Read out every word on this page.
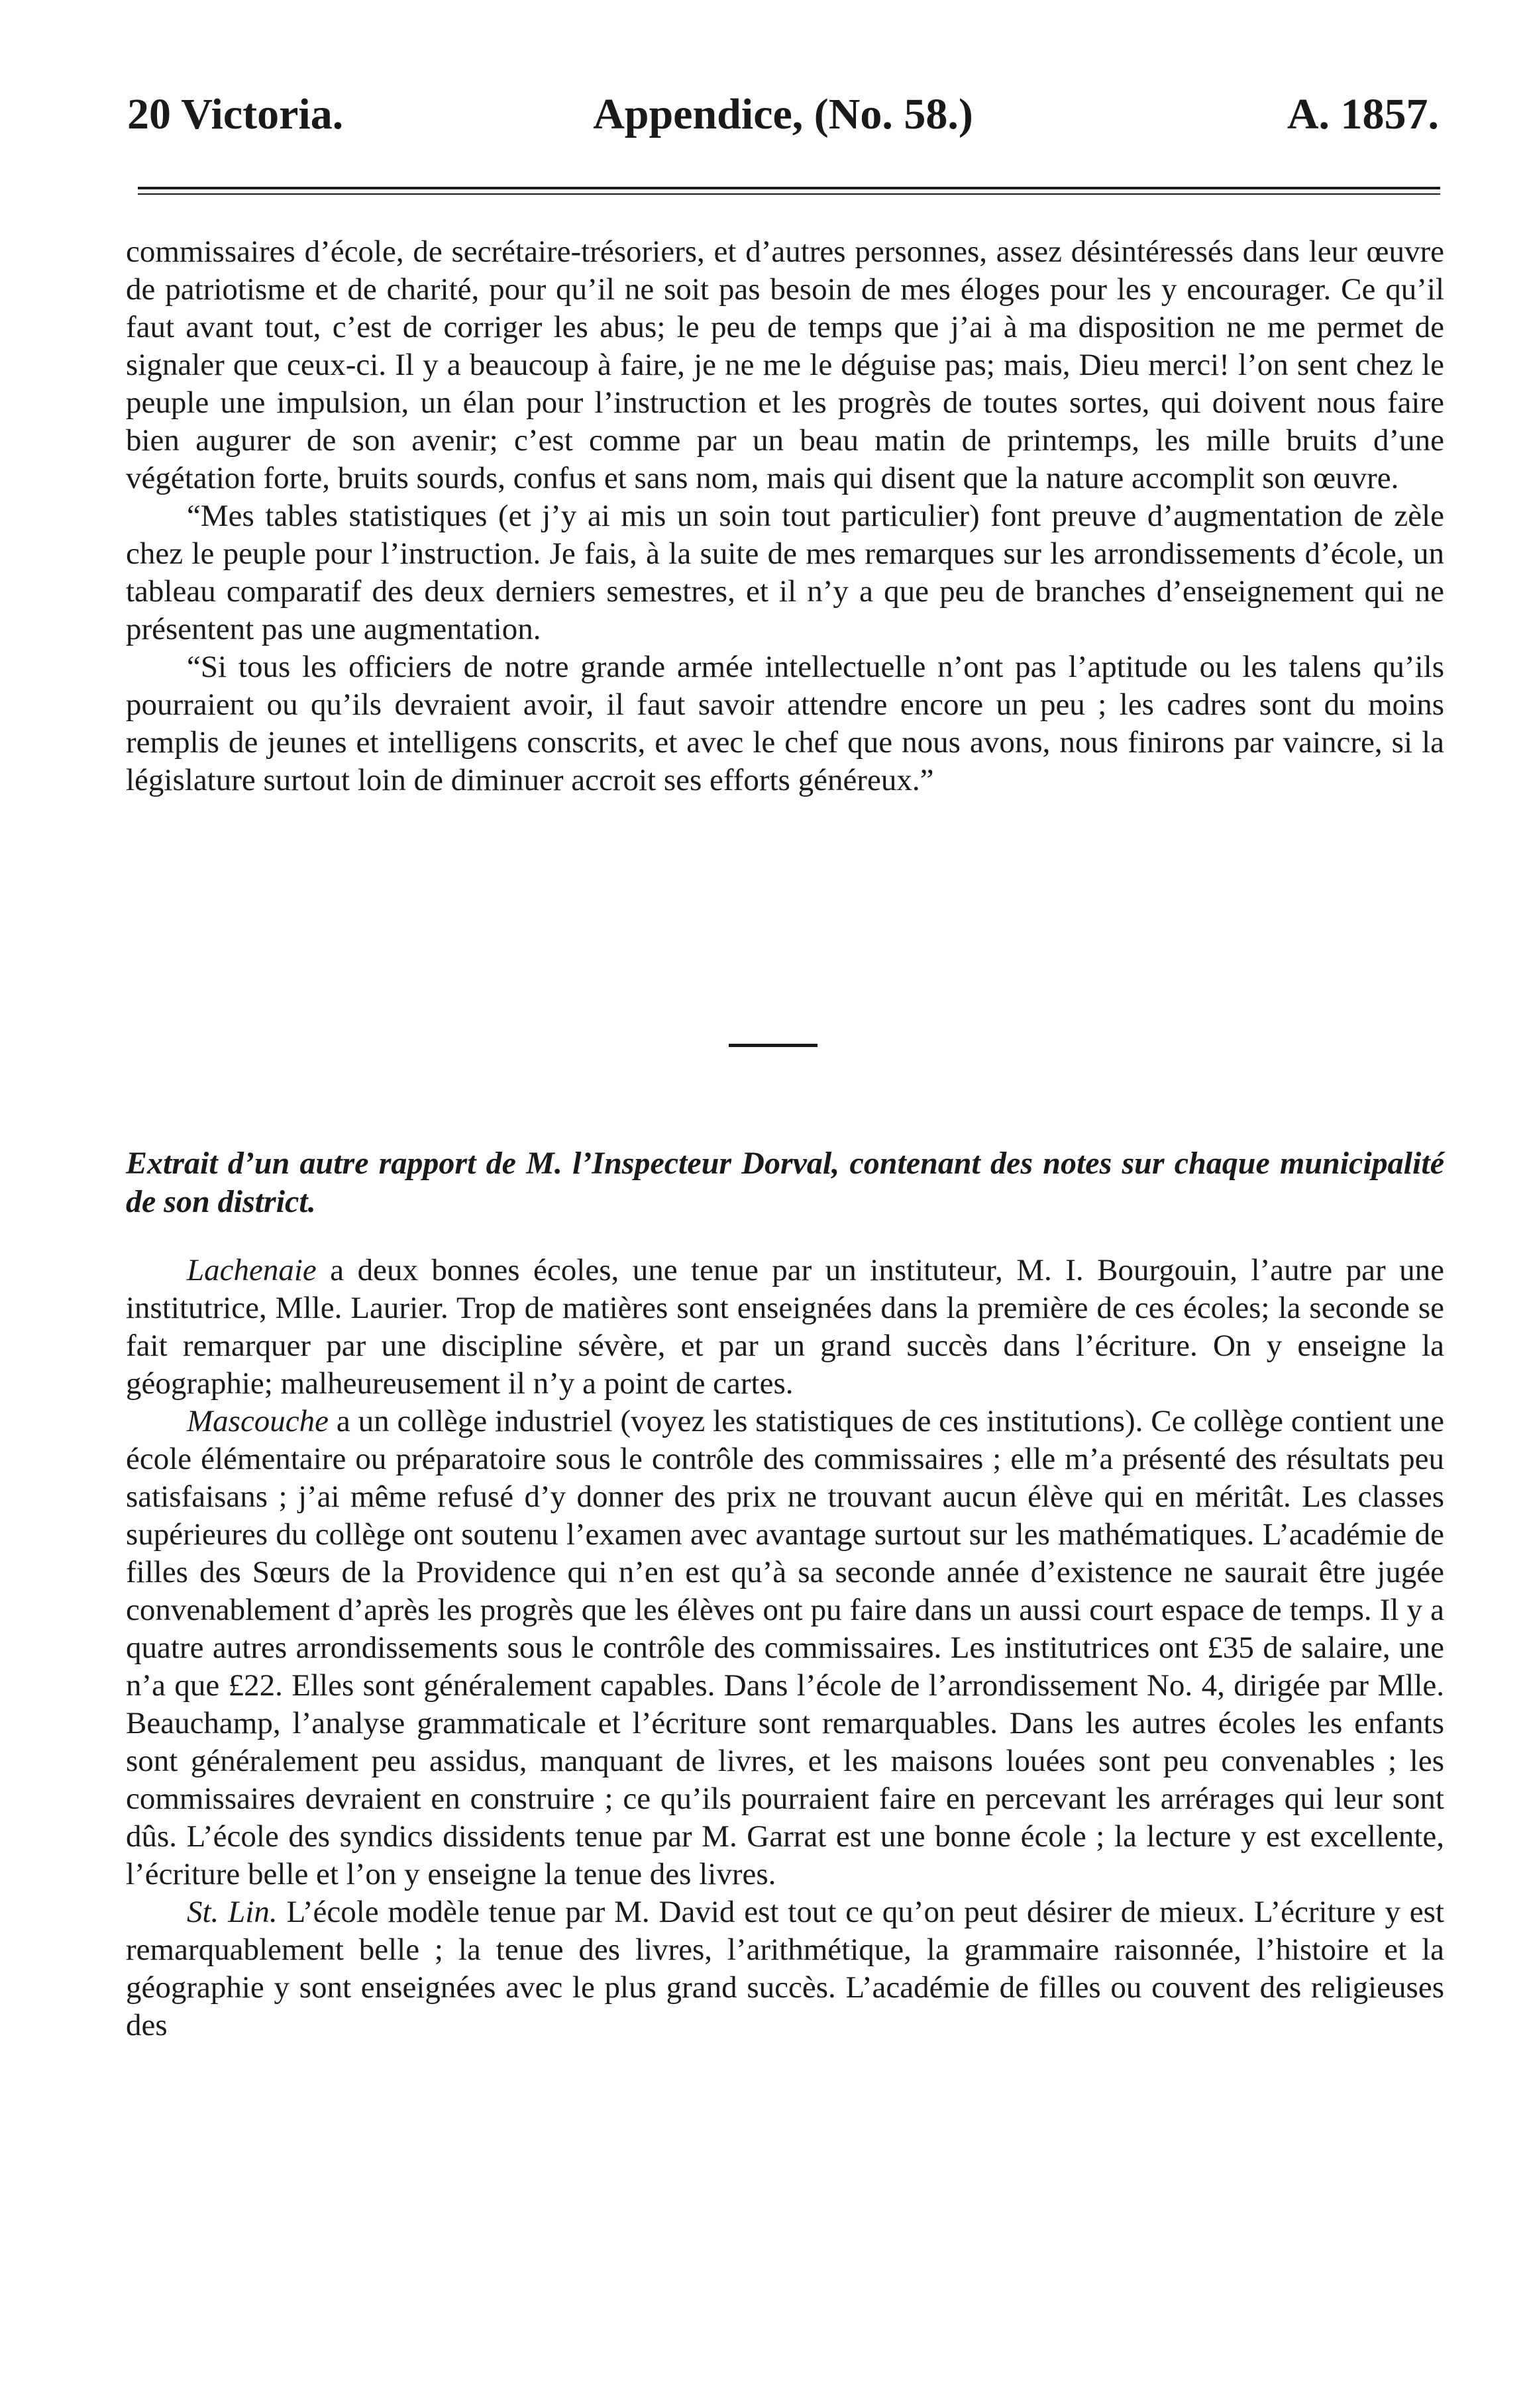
20 Victoria.	Appendice, (No. 58.)	A. 1857.

commissaires d’école, de secrétaire-trésoriers, et d’autres personnes, assez désintéressés dans leur œuvre de patriotisme et de charité, pour qu’il ne soit pas besoin de mes éloges pour les y encourager. Ce qu’il faut avant tout, c’est de corriger les abus; le peu de temps que j’ai à ma disposition ne me permet de signaler que ceux-ci. Il y a beaucoup à faire, je ne me le déguise pas; mais, Dieu merci! l’on sent chez le peuple une impulsion, un élan pour l’instruction et les progrès de toutes sortes, qui doivent nous faire bien augurer de son avenir; c’est comme par un beau matin de printemps, les mille bruits d’une végétation forte, bruits sourds, confus et sans nom, mais qui disent que la nature accomplit son œuvre.

“Mes tables statistiques (et j’y ai mis un soin tout particulier) font preuve d’augmentation de zèle chez le peuple pour l’instruction. Je fais, à la suite de mes remarques sur les arrondissements d’école, un tableau comparatif des deux derniers semestres, et il n’y a que peu de branches d’enseignement qui ne présentent pas une augmentation.

“Si tous les officiers de notre grande armée intellectuelle n’ont pas l’aptitude ou les talens qu’ils pourraient ou qu’ils devraient avoir, il faut savoir attendre encore un peu ; les cadres sont du moins remplis de jeunes et intelligens conscrits, et avec le chef que nous avons, nous finirons par vaincre, si la législature surtout loin de diminuer accroit ses efforts généreux.”

Extrait d’un autre rapport de M. l’Inspecteur Dorval, contenant des notes sur chaque municipalité de son district.

Lachenaie a deux bonnes écoles, une tenue par un instituteur, M. I. Bourgouin, l’autre par une institutrice, Mlle. Laurier. Trop de matières sont enseignées dans la première de ces écoles; la seconde se fait remarquer par une discipline sévère, et par un grand succès dans l’écriture. On y enseigne la géographie; malheureusement il n’y a point de cartes.

Mascouche a un collège industriel (voyez les statistiques de ces institutions). Ce collège contient une école élémentaire ou préparatoire sous le contrôle des commissaires ; elle m’a présenté des résultats peu satisfaisans ; j’ai même refusé d’y donner des prix ne trouvant aucun élève qui en méritât. Les classes supérieures du collège ont soutenu l’examen avec avantage surtout sur les mathématiques. L’académie de filles des Sœurs de la Providence qui n’en est qu’à sa seconde année d’existence ne saurait être jugée convenablement d’après les progrès que les élèves ont pu faire dans un aussi court espace de temps. Il y a quatre autres arrondissements sous le contrôle des commissaires. Les institutrices ont £35 de salaire, une n’a que £22. Elles sont généralement capables. Dans l’école de l’arrondissement No. 4, dirigée par Mlle. Beauchamp, l’analyse grammaticale et l’écriture sont remarquables. Dans les autres écoles les enfants sont généralement peu assidus, manquant de livres, et les maisons louées sont peu convenables ; les commissaires devraient en construire ; ce qu’ils pourraient faire en percevant les arrérages qui leur sont dûs. L’école des syndics dissidents tenue par M. Garrat est une bonne école ; la lecture y est excellente, l’écriture belle et l’on y enseigne la tenue des livres.

St. Lin. L’école modèle tenue par M. David est tout ce qu’on peut désirer de mieux. L’écriture y est remarquablement belle ; la tenue des livres, l’arithmétique, la grammaire raisonnée, l’histoire et la géographie y sont enseignées avec le plus grand succès. L’académie de filles ou couvent des religieuses des
